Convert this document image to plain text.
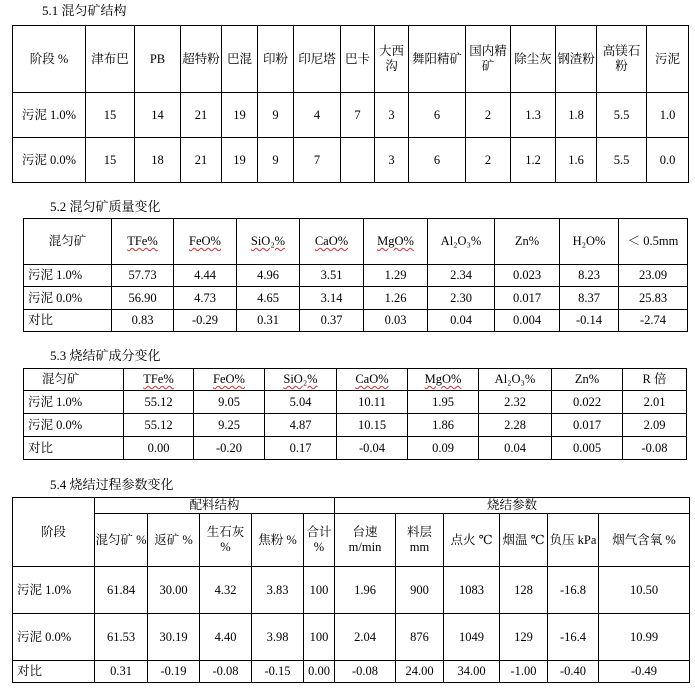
5.1 混匀矿结构
阶段 %	津布巴	PB	超特粉	巴混	印粉	印尼塔	巴卡	大西沟	舞阳精矿	国内精矿	除尘灰	钢渣粉	高镁石粉	污泥
污泥 1.0%	15	14	21	19	9	4	7	3	6	2	1.3	1.8	5.5	1.0
污泥 0.0%	15	18	21	19	9	7		3	6	2	1.2	1.6	5.5	0.0
5.2 混匀矿质量变化
混匀矿	TFe%	FeO%	SiO₂%	CaO%	MgO%	Al₂O₃%	Zn%	H₂O%	＜ 0.5mm
污泥 1.0%	57.73	4.44	4.96	3.51	1.29	2.34	0.023	8.23	23.09
污泥 0.0%	56.90	4.73	4.65	3.14	1.26	2.30	0.017	8.37	25.83
对比	0.83	-0.29	0.31	0.37	0.03	0.04	0.004	-0.14	-2.74
5.3 烧结矿成分变化
混匀矿	TFe%	FeO%	SiO₂%	CaO%	MgO%	Al₂O₃%	Zn%	R 倍
污泥 1.0%	55.12	9.05	5.04	10.11	1.95	2.32	0.022	2.01
污泥 0.0%	55.12	9.25	4.87	10.15	1.86	2.28	0.017	2.09
对比	0.00	-0.20	0.17	-0.04	0.09	0.04	0.005	-0.08
5.4 烧结过程参数变化
阶段	配料结构					烧结参数					
	混匀矿 %	返矿 %	生石灰 %	焦粉 %	合计 %	台速 m/min	料层 mm	点火 ℃	烟温 ℃	负压 kPa	烟气含氧 %
污泥 1.0%	61.84	30.00	4.32	3.83	100	1.96	900	1083	128	-16.8	10.50
污泥 0.0%	61.53	30.19	4.40	3.98	100	2.04	876	1049	129	-16.4	10.99
对比	0.31	-0.19	-0.08	-0.15	0.00	-0.08	24.00	34.00	-1.00	-0.40	-0.49
